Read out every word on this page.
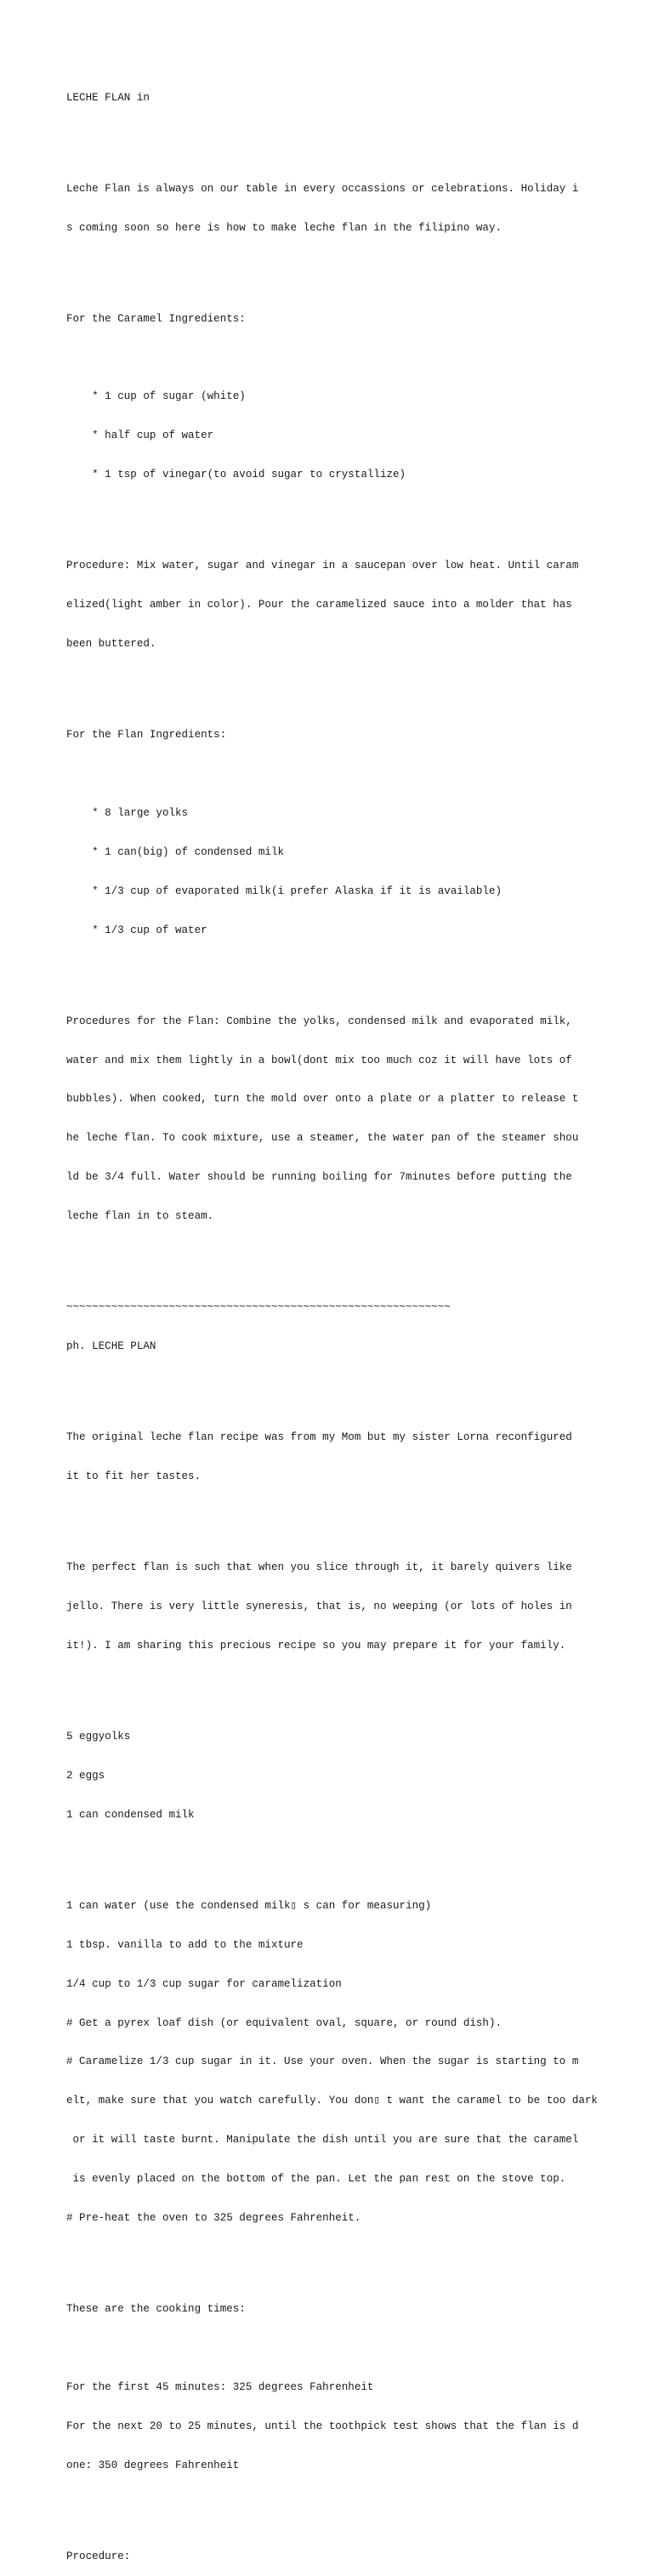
LECHE FLAN in

Leche Flan is always on our table in every occassions or celebrations. Holiday i

s coming soon so here is how to make leche flan in the filipino way.

For the Caramel Ingredients:

* 1 cup of sugar (white)

* half cup of water

* 1 tsp of vinegar(to avoid sugar to crystallize)

Procedure: Mix water, sugar and vinegar in a saucepan over low heat. Until caram

elized(light amber in color). Pour the caramelized sauce into a molder that has

been buttered.

For the Flan Ingredients:

* 8 large yolks

* 1 can(big) of condensed milk

* 1/3 cup of evaporated milk(i prefer Alaska if it is available)

* 1/3 cup of water

Procedures for the Flan: Combine the yolks, condensed milk and evaporated milk,

water and mix them lightly in a bowl(dont mix too much coz it will have lots of

bubbles). When cooked, turn the mold over onto a plate or a platter to release t

he leche flan. To cook mixture, use a steamer, the water pan of the steamer shou

ld be 3/4 full. Water should be running boiling for 7minutes before putting the

leche flan in to steam.

~~~~~~~~~~~~~~~~~~~~~~~~~~~~~~~~~~~~~~~~~~~~~~~~~~~~~~~~~~~~

ph. LECHE PLAN

The original leche flan recipe was from my Mom but my sister Lorna reconfigured

it to fit her tastes.

The perfect flan is such that when you slice through it, it barely quivers like

jello. There is very little syneresis, that is, no weeping (or lots of holes in

it!). I am sharing this precious recipe so you may prepare it for your family.

5 eggyolks

2 eggs

1 can condensed milk

1 can water (use the condensed milk▯ s can for measuring)

1 tbsp. vanilla to add to the mixture

1/4 cup to 1/3 cup sugar for caramelization

# Get a pyrex loaf dish (or equivalent oval, square, or round dish).

# Caramelize 1/3 cup sugar in it. Use your oven. When the sugar is starting to m

elt, make sure that you watch carefully. You don▯ t want the caramel to be too dark

or it will taste burnt. Manipulate the dish until you are sure that the caramel

is evenly placed on the bottom of the pan. Let the pan rest on the stove top.

# Pre-heat the oven to 325 degrees Fahrenheit.

These are the cooking times:

For the first 45 minutes: 325 degrees Fahrenheit

For the next 20 to 25 minutes, until the toothpick test shows that the flan is d

one: 350 degrees Fahrenheit

Procedure:
